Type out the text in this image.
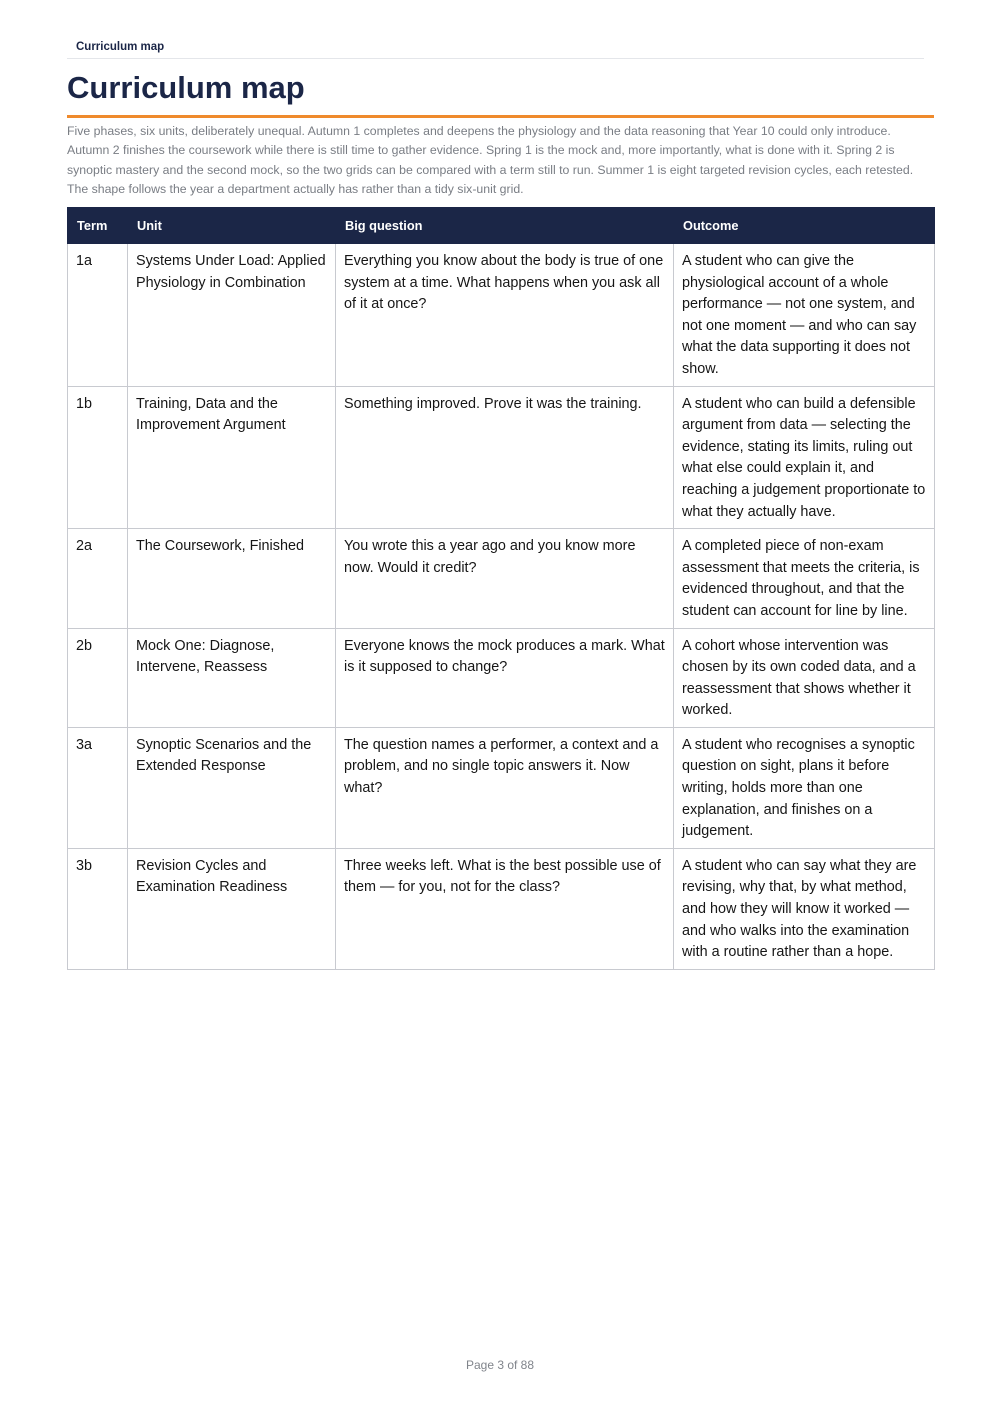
Curriculum map
Curriculum map

Five phases, six units, deliberately unequal. Autumn 1 completes and deepens the physiology and the data reasoning that Year 10 could only introduce. Autumn 2 finishes the coursework while there is still time to gather evidence. Spring 1 is the mock and, more importantly, what is done with it. Spring 2 is synoptic mastery and the second mock, so the two grids can be compared with a term still to run. Summer 1 is eight targeted revision cycles, each retested. The shape follows the year a department actually has rather than a tidy six-unit grid.

Term	Unit	Big question	Outcome
1a	Systems Under Load: Applied Physiology in Combination	Everything you know about the body is true of one system at a time. What happens when you ask all of it at once?	A student who can give the physiological account of a whole performance — not one system, and not one moment — and who can say what the data supporting it does not show.
1b	Training, Data and the Improvement Argument	Something improved. Prove it was the training.	A student who can build a defensible argument from data — selecting the evidence, stating its limits, ruling out what else could explain it, and reaching a judgement proportionate to what they actually have.
2a	The Coursework, Finished	You wrote this a year ago and you know more now. Would it credit?	A completed piece of non-exam assessment that meets the criteria, is evidenced throughout, and that the student can account for line by line.
2b	Mock One: Diagnose, Intervene, Reassess	Everyone knows the mock produces a mark. What is it supposed to change?	A cohort whose intervention was chosen by its own coded data, and a reassessment that shows whether it worked.
3a	Synoptic Scenarios and the Extended Response	The question names a performer, a context and a problem, and no single topic answers it. Now what?	A student who recognises a synoptic question on sight, plans it before writing, holds more than one explanation, and finishes on a judgement.
3b	Revision Cycles and Examination Readiness	Three weeks left. What is the best possible use of them — for you, not for the class?	A student who can say what they are revising, why that, by what method, and how they will know it worked — and who walks into the examination with a routine rather than a hope.
Page 3 of 88
